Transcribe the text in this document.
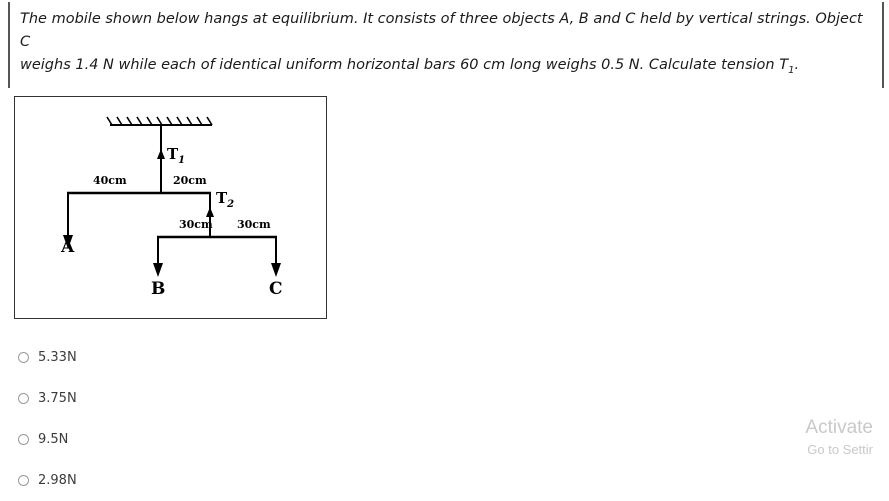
The mobile shown below hangs at equilibrium. It consists of three objects A, B and C held by vertical strings. Object C
weighs 1.4 N while each of identical uniform horizontal bars 60 cm long weighs 0.5 N. Calculate tension $T_1$.

$T_1$
$T_2$
40cm	20cm
30cm 30cm
A
B	C
5.33N
3.75N
9.5N
2.98N
Activate
Go to Settir
